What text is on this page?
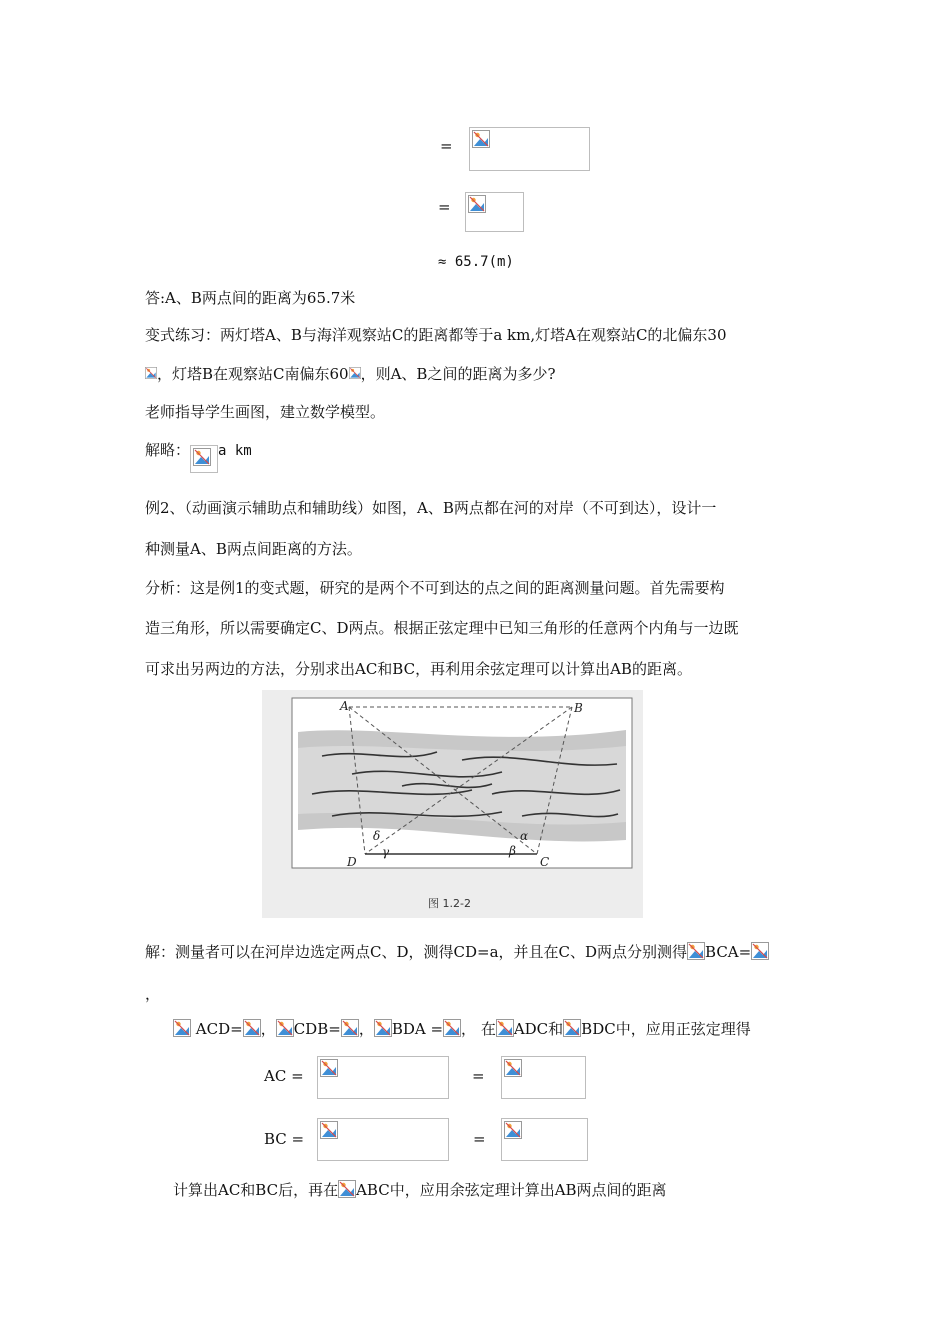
=
=
≈ 65.7(m)
答:A、B两点间的距离为65.7米
变式练习：两灯塔A、B与海洋观察站C的距离都等于a km,灯塔A在观察站C的北偏东30
，灯塔B在观察站C南偏东60 ，则A、B之间的距离为多少?
老师指导学生画图，建立数学模型。
解略： a km
例2、（动画演示辅助点和辅助线）如图，A、B两点都在河的对岸（不可到达），设计一
种测量A、B两点间距离的方法。
分析：这是例1的变式题，研究的是两个不可到达的点之间的距离测量问题。首先需要构
造三角形，所以需要确定C、D两点。根据正弦定理中已知三角形的任意两个内角与一边既
可求出另两边的方法，分别求出AC和BC，再利用余弦定理可以计算出AB的距离。
A	B
D	C
δ
γ	β
α
图 1.2-2
解：测量者可以在河岸边选定两点C、D，测得CD=a，并且在C、D两点分别测得 BCA=
，
ACD= ， CDB= ， BDA = ， 在 ADC和 BDC中，应用正弦定理得
AC =	=
BC =	=
计算出AC和BC后，再在 ABC中，应用余弦定理计算出AB两点间的距离
